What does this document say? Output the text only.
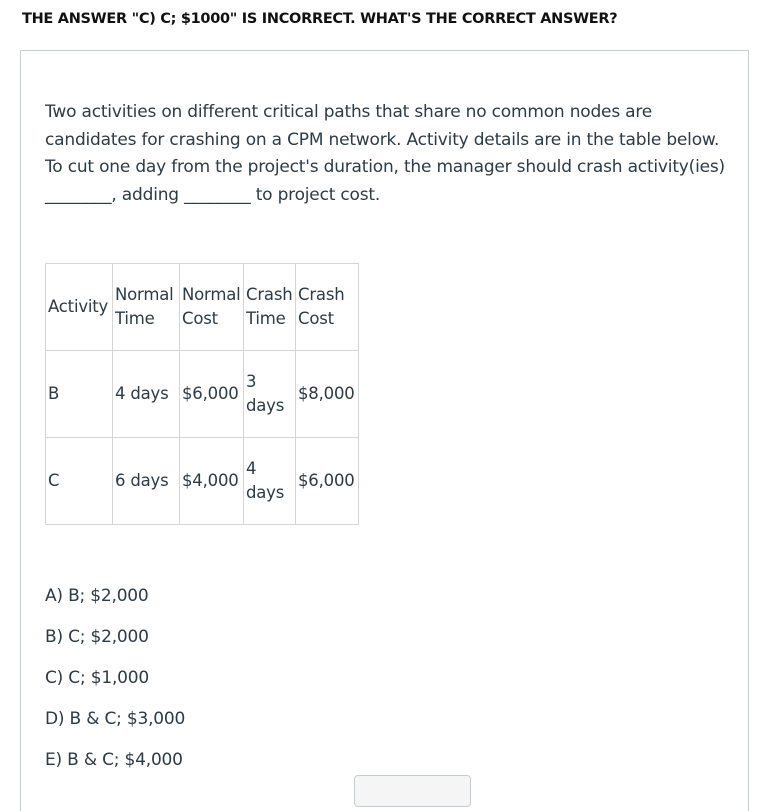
THE ANSWER "C) C; $1000" IS INCORRECT. WHAT'S THE CORRECT ANSWER?
Two activities on different critical paths that share no common nodes are candidates for crashing on a CPM network. Activity details are in the table below. To cut one day from the project's duration, the manager should crash activity(ies) ________, adding ________ to project cost.
Activity	Normal Time	Normal Cost	Crash Time	Crash Cost
B	4 days	$6,000	3 days	$8,000
C	6 days	$4,000	4 days	$6,000
A) B; $2,000
B) C; $2,000
C) C; $1,000
D) B & C; $3,000
E) B & C; $4,000
